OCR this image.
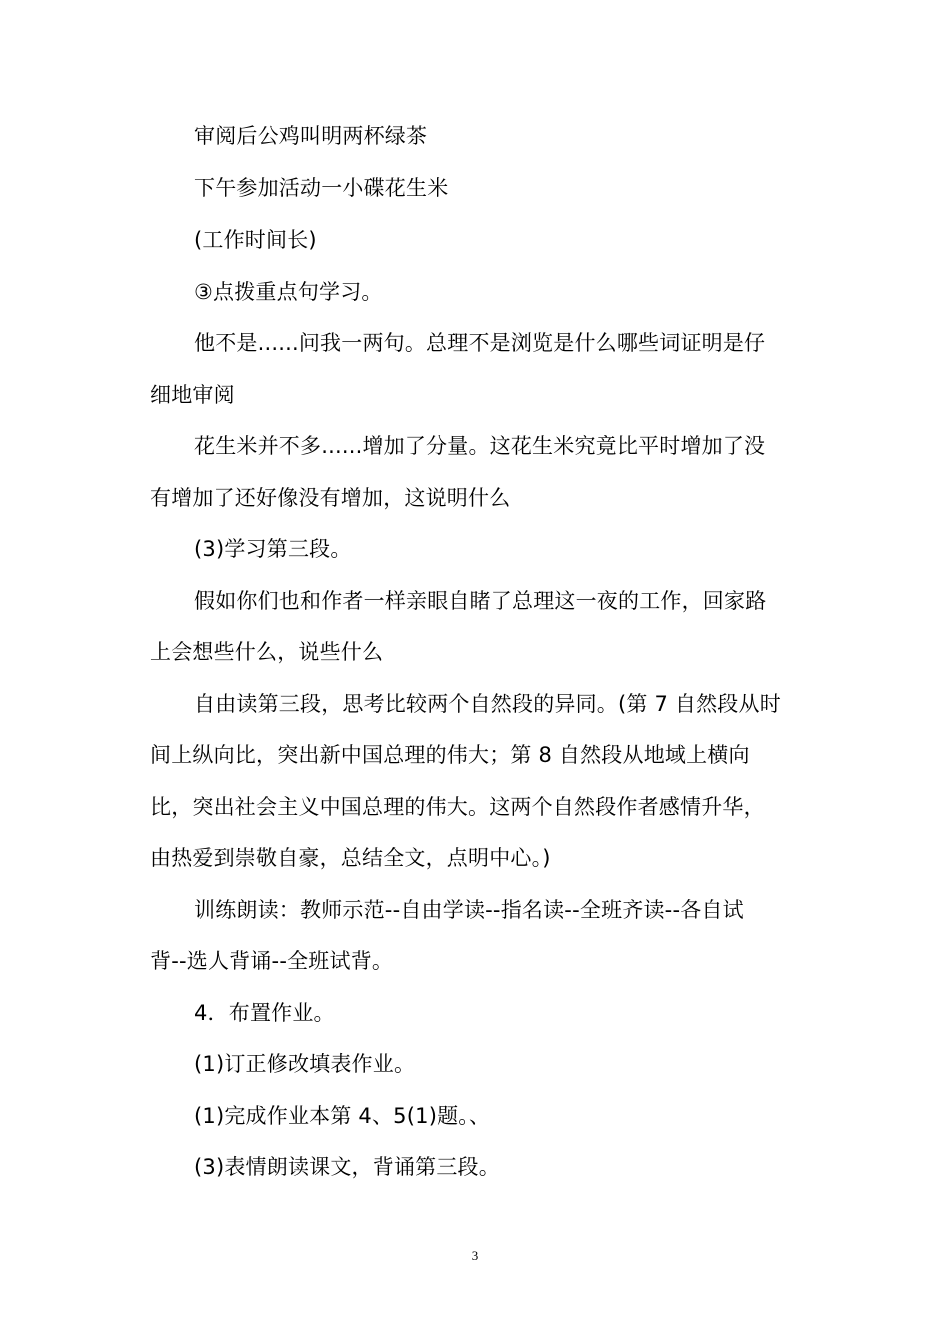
审阅后公鸡叫明两杯绿茶
下午参加活动一小碟花生米
(工作时间长)
③点拨重点句学习。
他不是......问我一两句。总理不是浏览是什么哪些词证明是仔
细地审阅
花生米并不多......增加了分量。这花生米究竟比平时增加了没
有增加了还好像没有增加，这说明什么
(3)学习第三段。
假如你们也和作者一样亲眼自睹了总理这一夜的工作，回家路
上会想些什么，说些什么
自由读第三段，思考比较两个自然段的异同。(第 7 自然段从时
间上纵向比，突出新中国总理的伟大；第 8 自然段从地域上横向
比，突出社会主义中国总理的伟大。这两个自然段作者感情升华，
由热爱到崇敬自豪，总结全文，点明中心。)
训练朗读：教师示范--自由学读--指名读--全班齐读--各自试
背--选人背诵--全班试背。
4．布置作业。
(1)订正修改填表作业。
(1)完成作业本第 4、5(1)题。、
(3)表情朗读课文，背诵第三段。
3
